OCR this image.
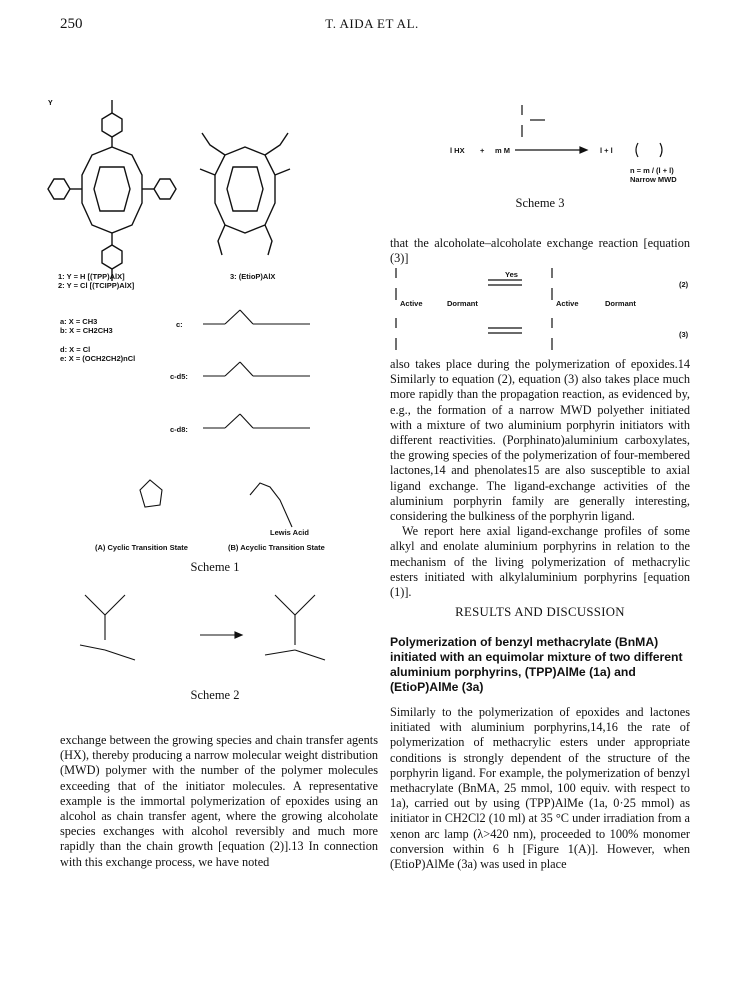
250	T. AIDA ET AL.
Y
1: Y = H [(TPP)AlX]
2: Y = Cl [(TCIPP)AlX]
3: (EtioP)AlX
a: X = CH3
b: X = CH2CH3
d: X = Cl
e: X = (OCH2CH2)nCl
c:
c-d5:
c-d8:
Lewis Acid
(A) Cyclic Transition State	(B) Acyclic Transition State
Scheme 1
Scheme 2

exchange between the growing species and chain transfer agents (HX), thereby producing a narrow molecular weight distribution (MWD) polymer with the number of the polymer molecules exceeding that of the initiator molecules. A representative example is the immortal polymerization of epoxides using an alcohol as chain transfer agent, where the growing alcoholate species exchanges with alcohol reversibly and much more rapidly than the chain growth [equation (2)].13 In connection with this exchange process, we have noted

l HX + m M	l + l
n = m / (l + l)
Narrow MWD
Scheme 3

that the alcoholate–alcoholate exchange reaction [equation (3)]

Yes
Active	Dormant	Active	Dormant
(2)
(3)

also takes place during the polymerization of epoxides.14 Similarly to equation (2), equation (3) also takes place much more rapidly than the propagation reaction, as evidenced by, e.g., the formation of a narrow MWD polyether initiated with a mixture of two aluminium porphyrin initiators with different reactivities. (Porphinato)aluminium carboxylates, the growing species of the polymerization of four-membered lactones,14 and phenolates15 are also susceptible to axial ligand exchange. The ligand-exchange activities of the aluminium porphyrin family are generally interesting, considering the bulkiness of the porphyrin ligand.

We report here axial ligand-exchange profiles of some alkyl and enolate aluminium porphyrins in relation to the mechanism of the living polymerization of methacrylic esters initiated with alkylaluminium porphyrins [equation (1)].

RESULTS AND DISCUSSION
Polymerization of benzyl methacrylate (BnMA) initiated with an equimolar mixture of two different aluminium porphyrins, (TPP)AlMe (1a) and (EtioP)AlMe (3a)

Similarly to the polymerization of epoxides and lactones initiated with aluminium porphyrins,14,16 the rate of polymerization of methacrylic esters under appropriate conditions is strongly dependent of the structure of the porphyrin ligand. For example, the polymerization of benzyl methacrylate (BnMA, 25 mmol, 100 equiv. with respect to 1a), carried out by using (TPP)AlMe (1a, 0·25 mmol) as initiator in CH2Cl2 (10 ml) at 35 °C under irradiation from a xenon arc lamp (λ>420 nm), proceeded to 100% monomer conversion within 6 h [Figure 1(A)]. However, when (EtioP)AlMe (3a) was used in place
